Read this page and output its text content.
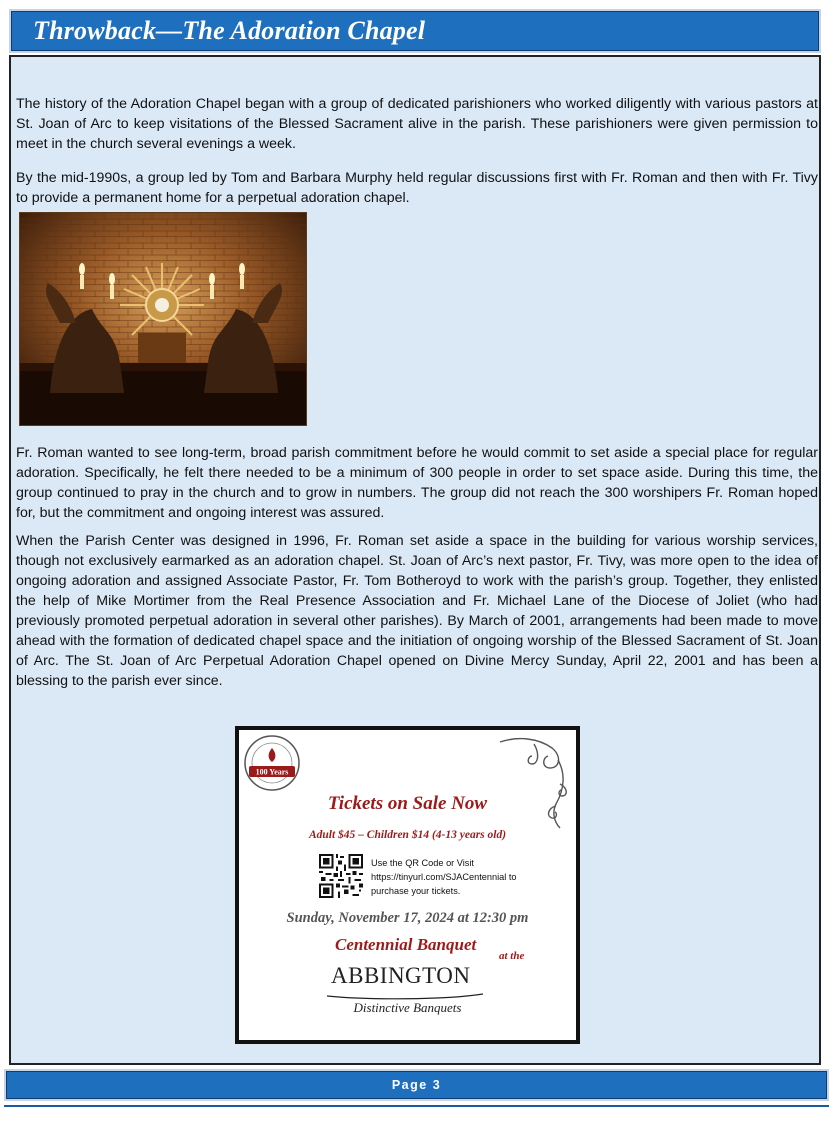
Throwback—The Adoration Chapel

The history of the Adoration Chapel began with a group of dedicated parishioners who worked diligently with various pastors at St. Joan of Arc to keep visitations of the Blessed Sacrament alive in the parish. These parishioners were given permission to meet in the church several evenings a week.

By the mid-1990s, a group led by Tom and Barbara Murphy held regular discussions first with Fr. Roman and then with Fr. Tivy to provide a permanent home for a perpetual adoration chapel.

Fr. Roman wanted to see long-term, broad parish commitment before he would commit to set aside a special place for regular adoration. Specifically, he felt there needed to be a minimum of 300 people in order to set space aside. During this time, the group continued to pray in the church and to grow in numbers. The group did not reach the 300 worshipers Fr. Roman hoped for, but the commitment and ongoing interest was assured.

When the Parish Center was designed in 1996, Fr. Roman set aside a space in the building for various worship services, though not exclusively earmarked as an adoration chapel. St. Joan of Arc’s next pastor, Fr. Tivy, was more open to the idea of ongoing adoration and assigned Associate Pastor, Fr. Tom Botheroyd to work with the parish’s group. Together, they enlisted the help of Mike Mortimer from the Real Presence Association and Fr. Michael Lane of the Diocese of Joliet (who had previously promoted perpetual adoration in several other parishes). By March of 2001, arrangements had been made to move ahead with the formation of dedicated chapel space and the initiation of ongoing worship of the Blessed Sacrament of St. Joan of Arc. The St. Joan of Arc Perpetual Adoration Chapel opened on Divine Mercy Sunday, April 22, 2001 and has been a blessing to the parish ever since.

100 Years
Tickets on Sale Now
Adult $45 – Children $14 (4-13 years old)
Use the QR Code or Visit
https://tinyurl.com/SJACentennial to
purchase your tickets.
Sunday, November 17, 2024 at 12:30 pm
Centennial Banquet
at the
ABBINGTON
Distinctive Banquets
Page 3
